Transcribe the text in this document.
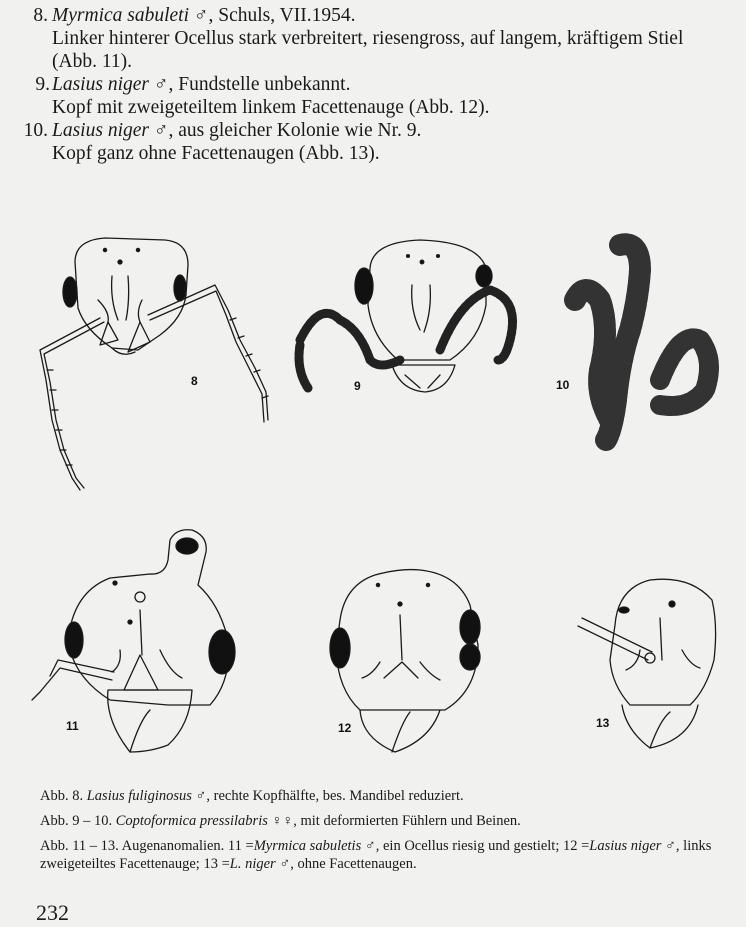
8. Myrmica sabuleti ♂, Schuls, VII.1954.
Linker hinterer Ocellus stark verbreitert, riesengross, auf langem, kräftigem Stiel (Abb. 11).
9. Lasius niger ♂, Fundstelle unbekannt.
Kopf mit zweigeteiltem linkem Facettenauge (Abb. 12).
10. Lasius niger ♂, aus gleicher Kolonie wie Nr. 9.
Kopf ganz ohne Facettenaugen (Abb. 13).
8	9	10
11	12	13
Abb. 8. Lasius fuliginosus ♂, rechte Kopfhälfte, bes. Mandibel reduziert.
Abb. 9 – 10. Coptoformica pressilabris ♀♀, mit deformierten Fühlern und Beinen.
Abb. 11 – 13. Augenanomalien. 11 =Myrmica sabuletis ♂, ein Ocellus riesig und gestielt; 12 =Lasius niger ♂, links zweigeteiltes Facettenauge; 13 =L. niger ♂, ohne Facettenaugen.
232
